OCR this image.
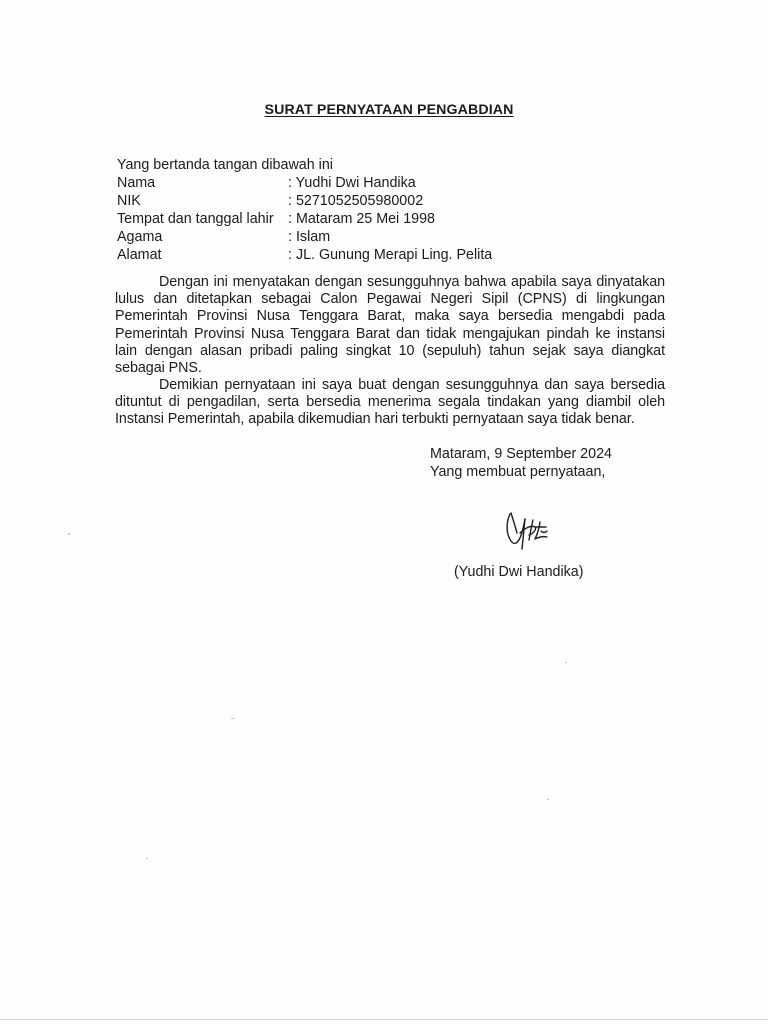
SURAT PERNYATAAN PENGABDIAN
Yang bertanda tangan dibawah ini
Nama	: Yudhi Dwi Handika
NIK	: 5271052505980002
Tempat dan tanggal lahir : Mataram 25 Mei 1998
Agama	: Islam
Alamat	: JL. Gunung Merapi Ling. Pelita

Dengan ini menyatakan dengan sesungguhnya bahwa apabila saya dinyatakan lulus dan ditetapkan sebagai Calon Pegawai Negeri Sipil (CPNS) di lingkungan Pemerintah Provinsi Nusa Tenggara Barat, maka saya bersedia mengabdi pada Pemerintah Provinsi Nusa Tenggara Barat dan tidak mengajukan pindah ke instansi lain dengan alasan pribadi paling singkat 10 (sepuluh) tahun sejak saya diangkat sebagai PNS.

Demikian pernyataan ini saya buat dengan sesungguhnya dan saya bersedia dituntut di pengadilan, serta bersedia menerima segala tindakan yang diambil oleh Instansi Pemerintah, apabila dikemudian hari terbukti pernyataan saya tidak benar.

Mataram, 9 September 2024
Yang membuat pernyataan,
(Yudhi Dwi Handika)
